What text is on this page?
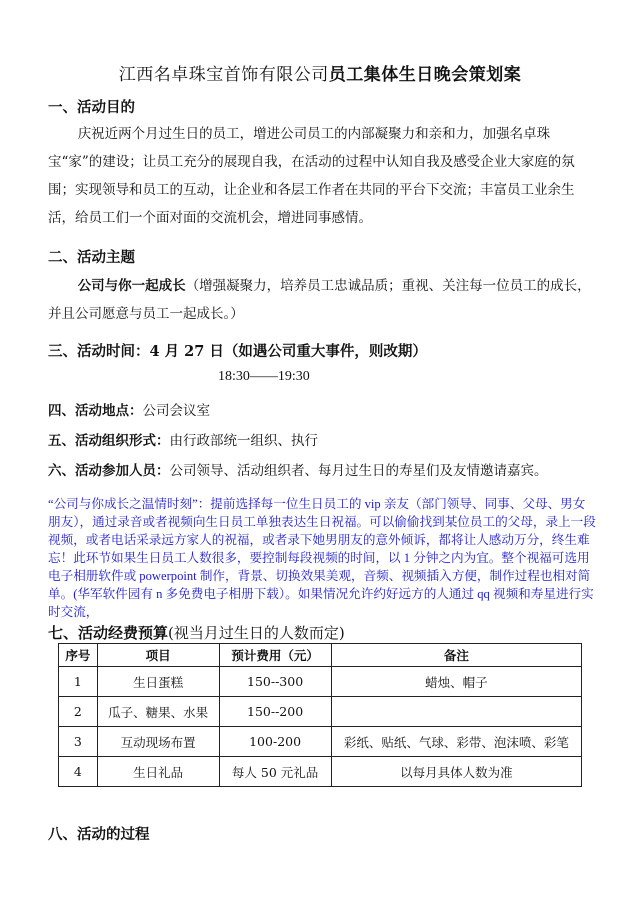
江西名卓珠宝首饰有限公司员工集体生日晚会策划案
一、活动目的
庆祝近两个月过生日的员工，增进公司员工的内部凝聚力和亲和力，加强名卓珠宝“家”的建设；让员工充分的展现自我，在活动的过程中认知自我及感受企业大家庭的氛围；实现领导和员工的互动，让企业和各层工作者在共同的平台下交流；丰富员工业余生活，给员工们一个面对面的交流机会，增进同事感情。
二、活动主题
公司与你一起成长（增强凝聚力，培养员工忠诚品质；重视、关注每一位员工的成长，并且公司愿意与员工一起成长。）
三、活动时间：4 月 27 日（如遇公司重大事件，则改期）
18:30——19:30
四、活动地点：公司会议室
五、活动组织形式：由行政部统一组织、执行
六、活动参加人员：公司领导、活动组织者、每月过生日的寿星们及友情邀请嘉宾。
“公司与你成长之温情时刻”：提前选择每一位生日员工的 vip 亲友（部门领导、同事、父母、男女朋友），通过录音或者视频向生日员工单独表达生日祝福。可以偷偷找到某位员工的父母，录上一段视频，或者电话采录远方家人的祝福，或者录下她男朋友的意外倾诉，都将让人感动万分，终生难忘！此环节如果生日员工人数很多，要控制每段视频的时间，以 1 分钟之内为宜。整个视福可选用电子相册软件或 powerpoint 制作，背景、切换效果美观，音频、视频插入方便，制作过程也相对简单。(华军软件园有 n 多免费电子相册下载）。如果情况允许约好远方的人通过 qq 视频和寿星进行实时交流，
七、活动经费预算(视当月过生日的人数而定)
序号	项目	预计费用（元）	备注
1	生日蛋糕	150--300	蜡烛、帽子
2	瓜子、糖果、水果	150--200	
3	互动现场布置	100-200	彩纸、贴纸、气球、彩带、泡沫喷、彩笔
4	生日礼品	每人 50 元礼品	以每月具体人数为准
八、活动的过程
